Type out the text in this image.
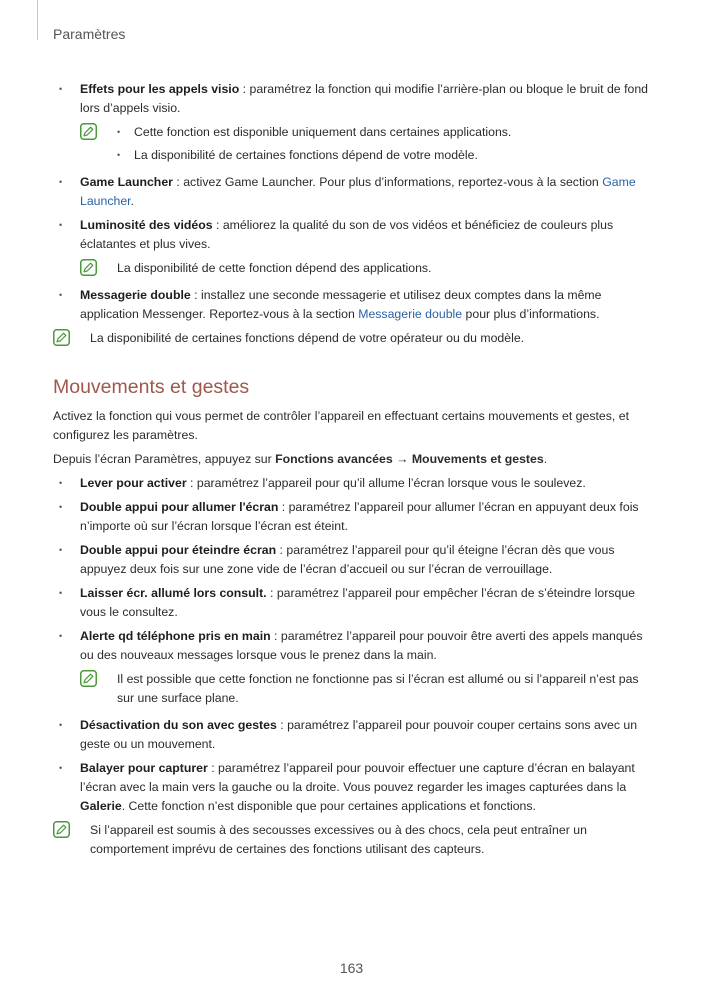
Paramètres
• Effets pour les appels visio : paramétrez la fonction qui modifie l’arrière-plan ou bloque le bruit de fond lors d’appels visio.
• Cette fonction est disponible uniquement dans certaines applications.
• La disponibilité de certaines fonctions dépend de votre modèle.
• Game Launcher : activez Game Launcher. Pour plus d’informations, reportez-vous à la section Game Launcher.
• Luminosité des vidéos : améliorez la qualité du son de vos vidéos et bénéficiez de couleurs plus éclatantes et plus vives.
La disponibilité de cette fonction dépend des applications.
• Messagerie double : installez une seconde messagerie et utilisez deux comptes dans la même application Messenger. Reportez-vous à la section Messagerie double pour plus d’informations.
La disponibilité de certaines fonctions dépend de votre opérateur ou du modèle.
Mouvements et gestes

Activez la fonction qui vous permet de contrôler l’appareil en effectuant certains mouvements et gestes, et configurez les paramètres.

Depuis l’écran Paramètres, appuyez sur Fonctions avancées → Mouvements et gestes.

• Lever pour activer : paramétrez l’appareil pour qu’il allume l’écran lorsque vous le soulevez.
• Double appui pour allumer l'écran : paramétrez l’appareil pour allumer l’écran en appuyant deux fois n’importe où sur l’écran lorsque l’écran est éteint.
• Double appui pour éteindre écran : paramétrez l’appareil pour qu’il éteigne l’écran dès que vous appuyez deux fois sur une zone vide de l’écran d’accueil ou sur l’écran de verrouillage.
• Laisser écr. allumé lors consult. : paramétrez l’appareil pour empêcher l’écran de s’éteindre lorsque vous le consultez.
• Alerte qd téléphone pris en main : paramétrez l’appareil pour pouvoir être averti des appels manqués ou des nouveaux messages lorsque vous le prenez dans la main.
Il est possible que cette fonction ne fonctionne pas si l’écran est allumé ou si l’appareil n’est pas sur une surface plane.
• Désactivation du son avec gestes : paramétrez l’appareil pour pouvoir couper certains sons avec un geste ou un mouvement.
• Balayer pour capturer : paramétrez l’appareil pour pouvoir effectuer une capture d’écran en balayant l’écran avec la main vers la gauche ou la droite. Vous pouvez regarder les images capturées dans la Galerie. Cette fonction n’est disponible que pour certaines applications et fonctions.
Si l’appareil est soumis à des secousses excessives ou à des chocs, cela peut entraîner un comportement imprévu de certaines des fonctions utilisant des capteurs.
163
